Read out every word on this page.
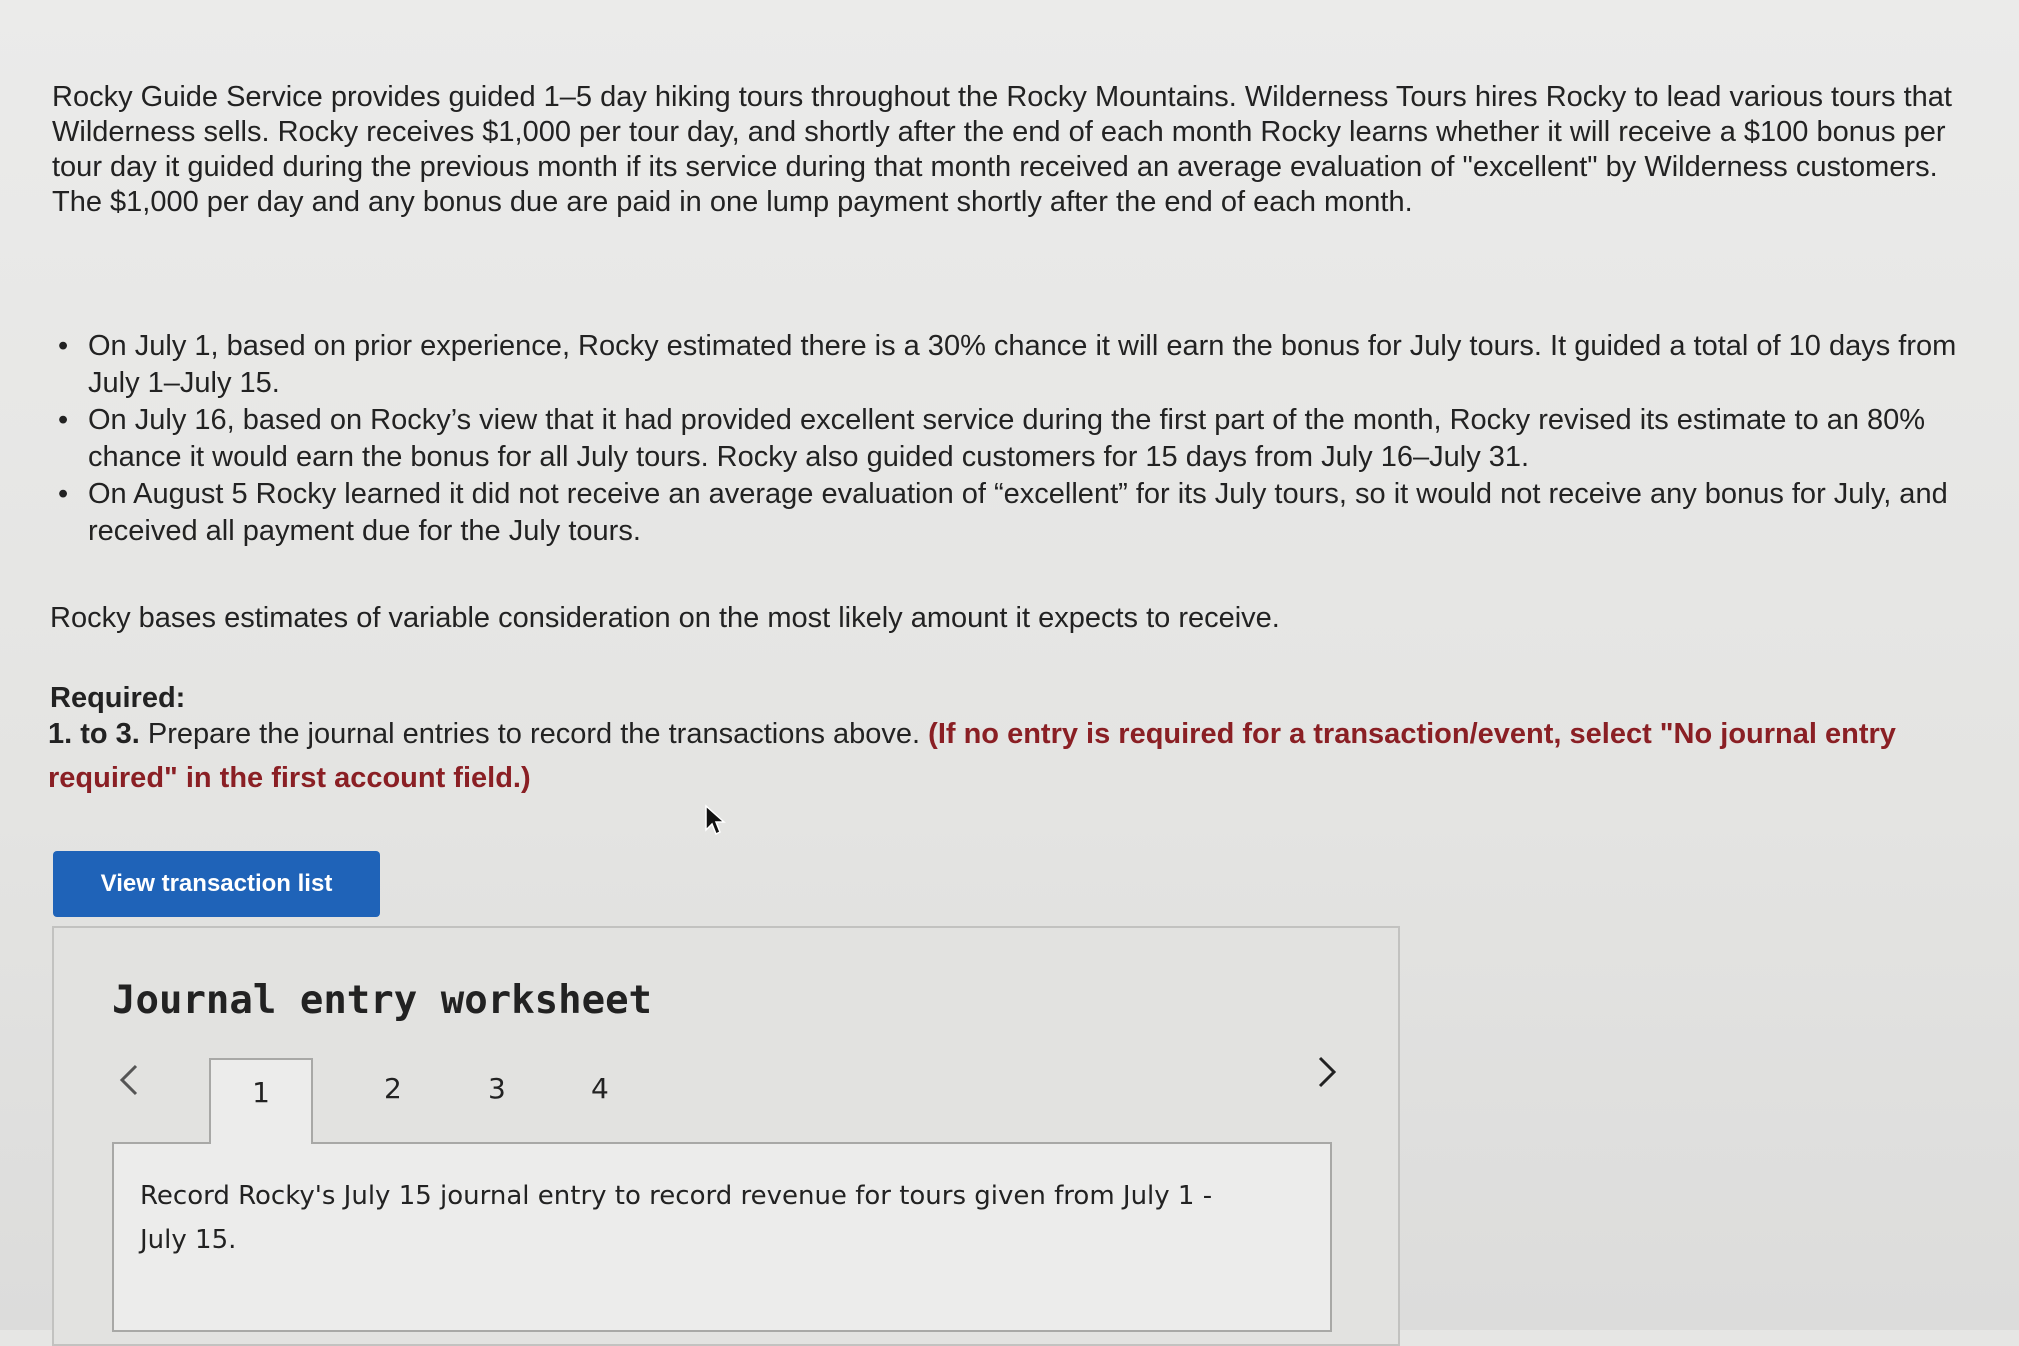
Rocky Guide Service provides guided 1–5 day hiking tours throughout the Rocky Mountains. Wilderness Tours hires Rocky to lead various tours that Wilderness sells. Rocky receives $1,000 per tour day, and shortly after the end of each month Rocky learns whether it will receive a $100 bonus per tour day it guided during the previous month if its service during that month received an average evaluation of "excellent" by Wilderness customers. The $1,000 per day and any bonus due are paid in one lump payment shortly after the end of each month.

• On July 1, based on prior experience, Rocky estimated there is a 30% chance it will earn the bonus for July tours. It guided a total of 10 days from July 1–July 15.
• On July 16, based on Rocky’s view that it had provided excellent service during the first part of the month, Rocky revised its estimate to an 80% chance it would earn the bonus for all July tours. Rocky also guided customers for 15 days from July 16–July 31.
• On August 5 Rocky learned it did not receive an average evaluation of “excellent” for its July tours, so it would not receive any bonus for July, and received all payment due for the July tours.

Rocky bases estimates of variable consideration on the most likely amount it expects to receive.

Required:

1. to 3. Prepare the journal entries to record the transactions above. (If no entry is required for a transaction/event, select "No journal entry required" in the first account field.)

View transaction list
Journal entry worksheet
1	2	3	4

Record Rocky's July 15 journal entry to record revenue for tours given from July 1 - July 15.
